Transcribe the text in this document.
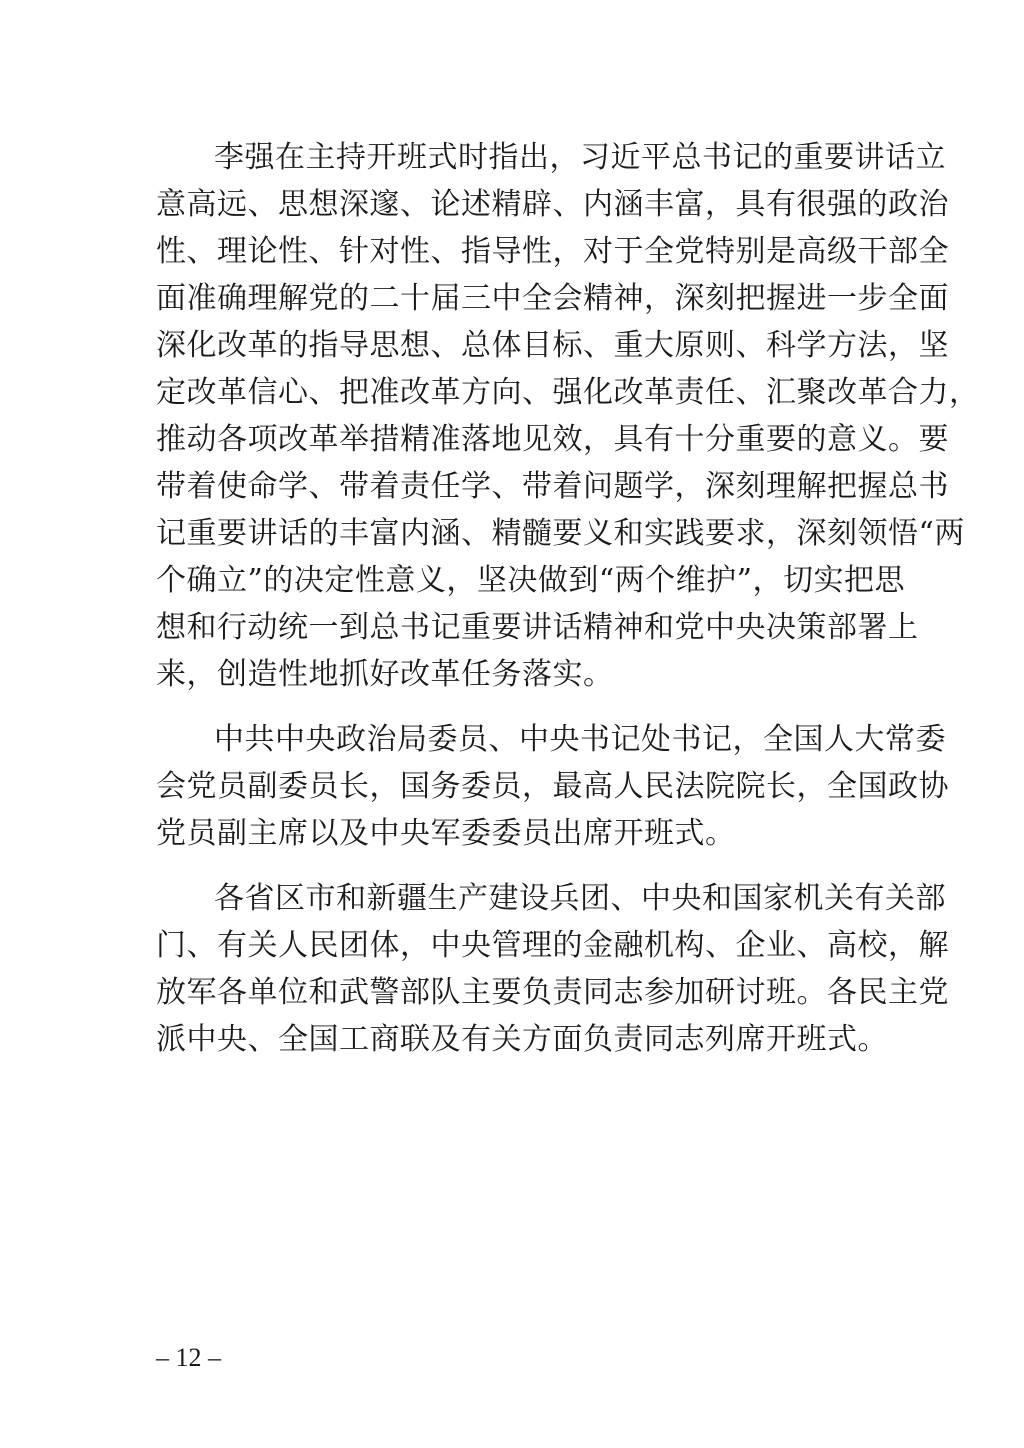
李强在主持开班式时指出，习近平总书记的重要讲话立
意高远、思想深邃、论述精辟、内涵丰富，具有很强的政治
性、理论性、针对性、指导性，对于全党特别是高级干部全
面准确理解党的二十届三中全会精神，深刻把握进一步全面
深化改革的指导思想、总体目标、重大原则、科学方法，坚
定改革信心、把准改革方向、强化改革责任、汇聚改革合力，
推动各项改革举措精准落地见效，具有十分重要的意义。要
带着使命学、带着责任学、带着问题学，深刻理解把握总书
记重要讲话的丰富内涵、精髓要义和实践要求，深刻领悟“两
个确立”的决定性意义，坚决做到“两个维护”，切实把思
想和行动统一到总书记重要讲话精神和党中央决策部署上
来，创造性地抓好改革任务落实。
中共中央政治局委员、中央书记处书记，全国人大常委
会党员副委员长，国务委员，最高人民法院院长，全国政协
党员副主席以及中央军委委员出席开班式。
各省区市和新疆生产建设兵团、中央和国家机关有关部
门、有关人民团体，中央管理的金融机构、企业、高校，解
放军各单位和武警部队主要负责同志参加研讨班。各民主党
派中央、全国工商联及有关方面负责同志列席开班式。
– 12 –
